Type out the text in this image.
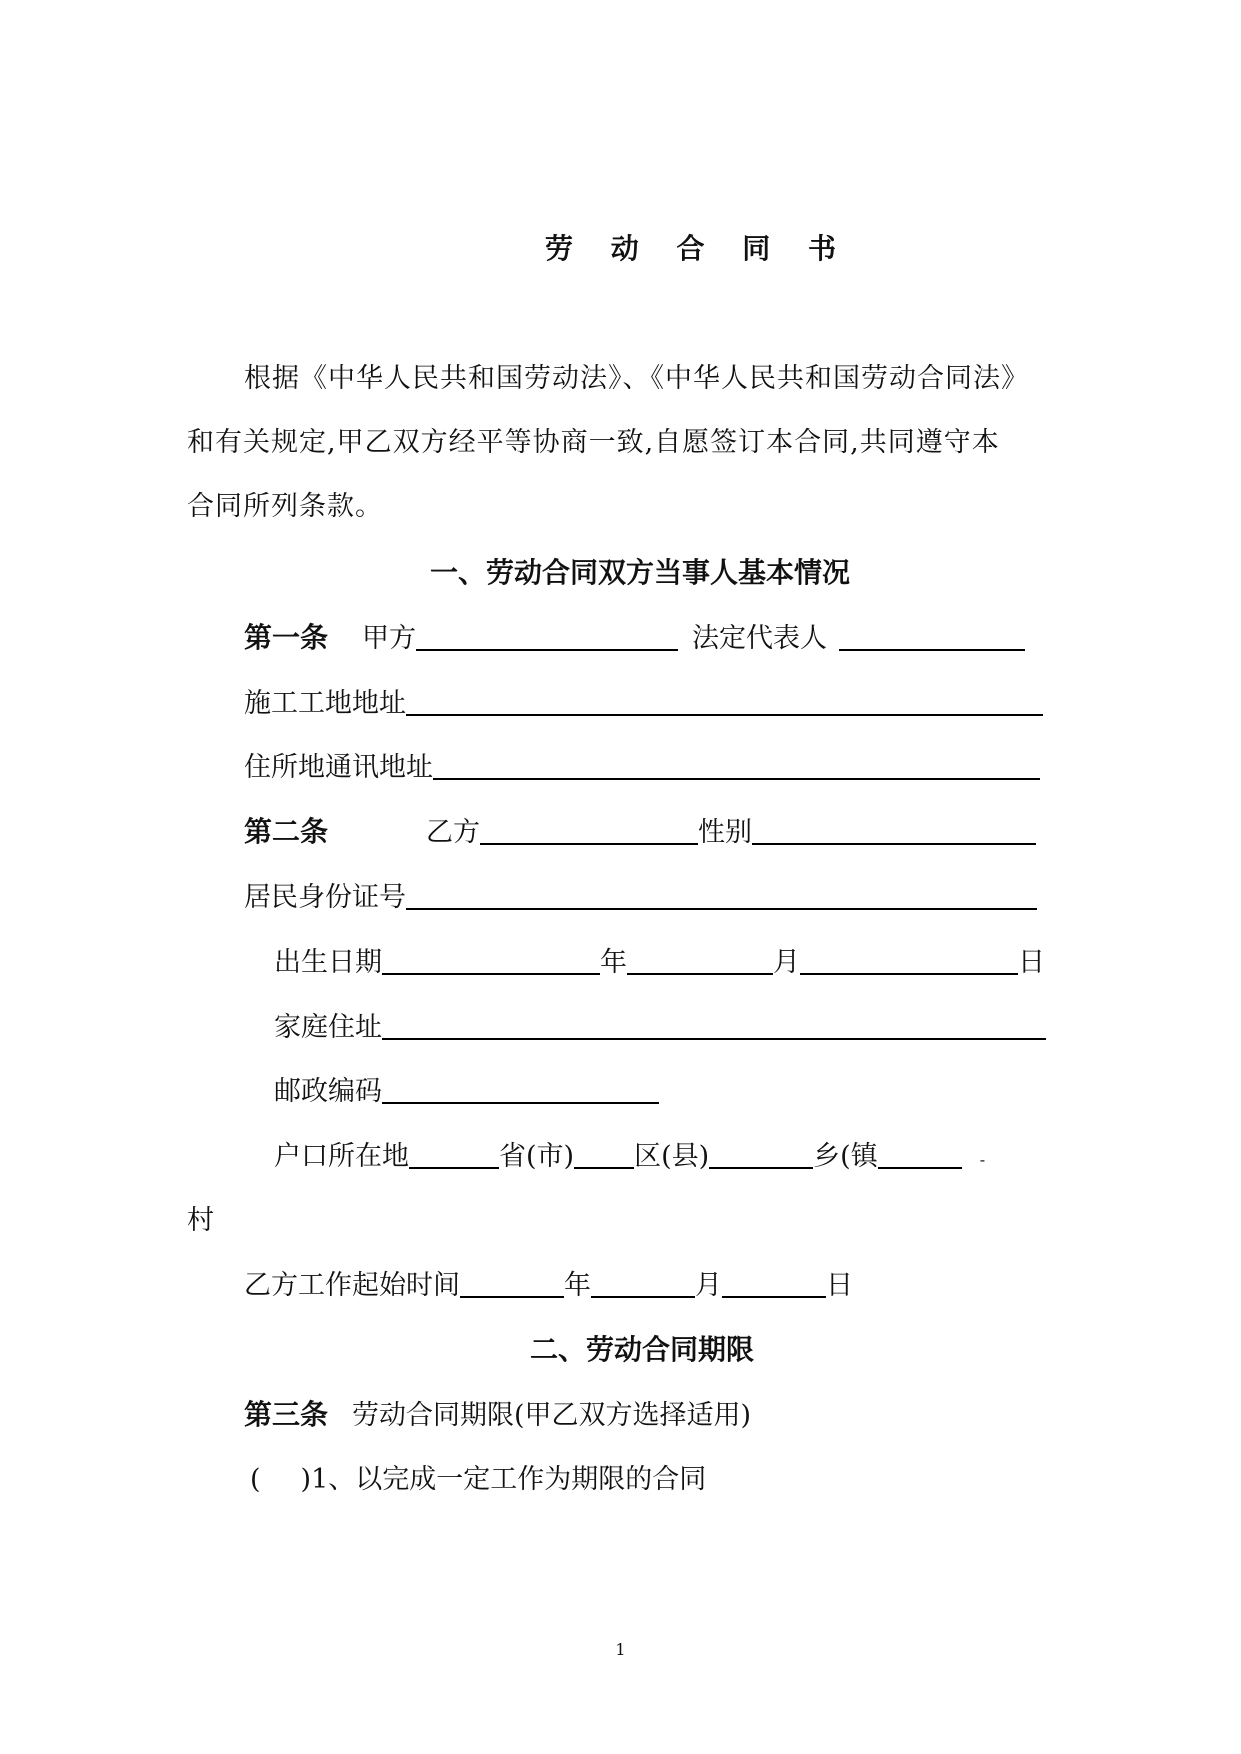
劳 动 合 同 书
根据《中华人民共和国劳动法》、《中华人民共和国劳动合同法》
和有关规定,甲乙双方经平等协商一致,自愿签订本合同,共同遵守本
合同所列条款。
一、劳动合同双方当事人基本情况
第一条 甲方	法定代表人
施工工地地址
住所地通讯地址
第二条	乙方	性别
居民身份证号
出生日期	年	月	日
家庭住址
邮政编码
户口所在地	省(市) 区(县)	乡(镇	-
村
乙方工作起始时间	年	月	日
二、劳动合同期限
第三条 劳动合同期限(甲乙双方选择适用)
( )1、以完成一定工作为期限的合同
1
